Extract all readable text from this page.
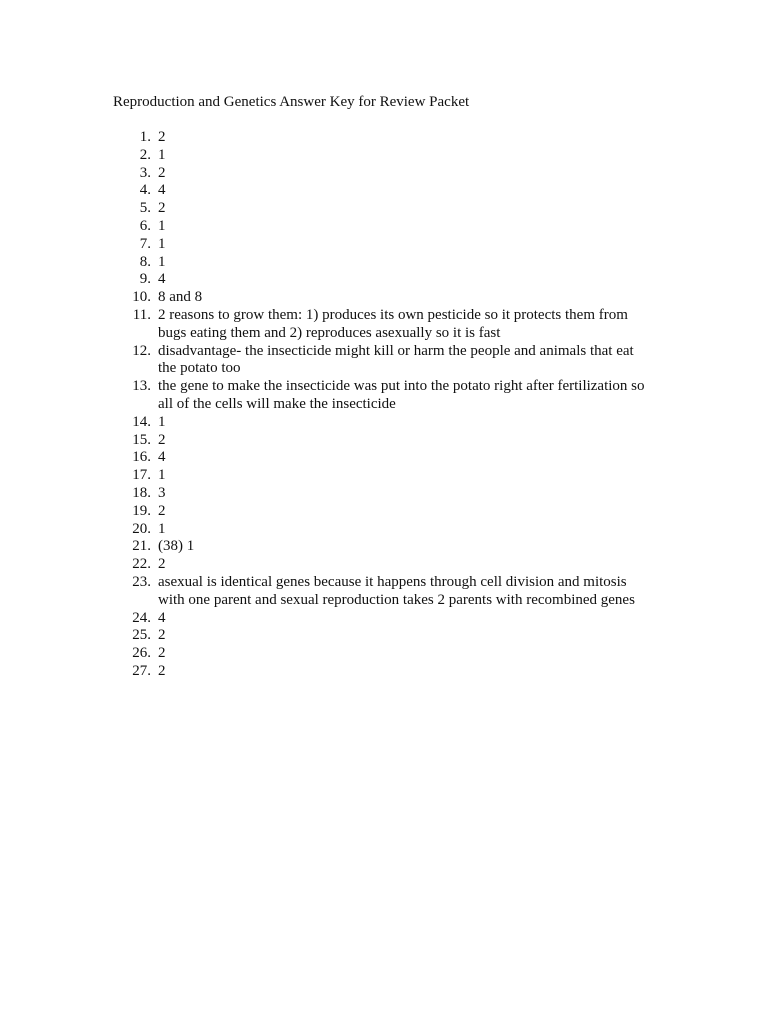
Reproduction and Genetics Answer Key for Review Packet
1. 2
2. 1
3. 2
4. 4
5. 2
6. 1
7. 1
8. 1
9. 4
10. 8 and 8
11. 2 reasons to grow them: 1) produces its own pesticide so it protects them from bugs eating them and 2) reproduces asexually so it is fast
12. disadvantage- the insecticide might kill or harm the people and animals that eat the potato too
13. the gene to make the insecticide was put into the potato right after fertilization so all of the cells will make the insecticide
14. 1
15. 2
16. 4
17. 1
18. 3
19. 2
20. 1
21. (38) 1
22. 2
23. asexual is identical genes because it happens through cell division and mitosis with one parent and sexual reproduction takes 2 parents with recombined genes
24. 4
25. 2
26. 2
27. 2
